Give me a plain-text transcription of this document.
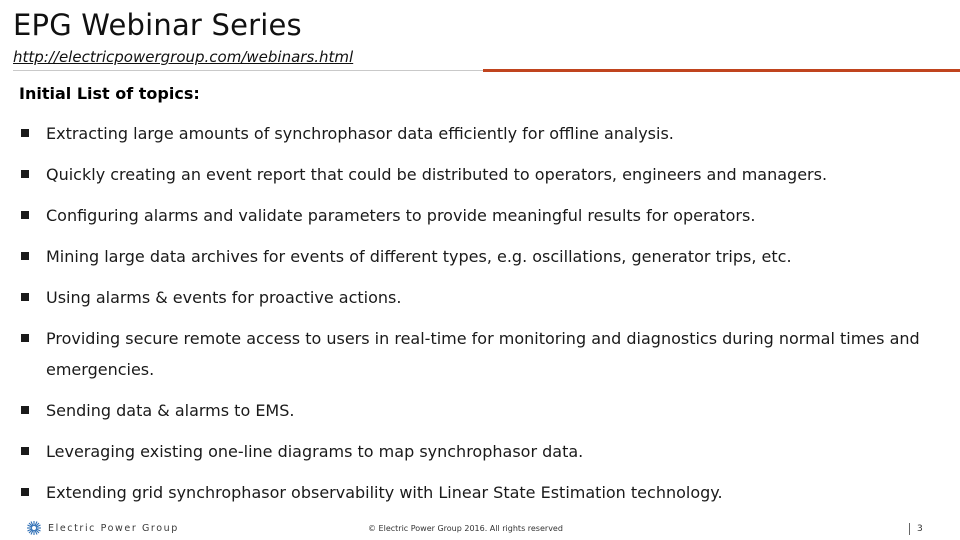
EPG Webinar Series
http://electricpowergroup.com/webinars.html
Initial List of topics:
Extracting large amounts of synchrophasor data efficiently for offline analysis.
Quickly creating an event report that could be distributed to operators, engineers and managers.
Configuring alarms and validate parameters to provide meaningful results for operators.
Mining large data archives for events of different types, e.g. oscillations, generator trips, etc.
Using alarms & events for proactive actions.
Providing secure remote access to users in real-time for monitoring and diagnostics during normal times and emergencies.
Sending data & alarms to EMS.
Leveraging existing one-line diagrams to map synchrophasor data.
Extending grid synchrophasor observability with Linear State Estimation technology.
Electric Power Group	© Electric Power Group 2016. All rights reserved	3
